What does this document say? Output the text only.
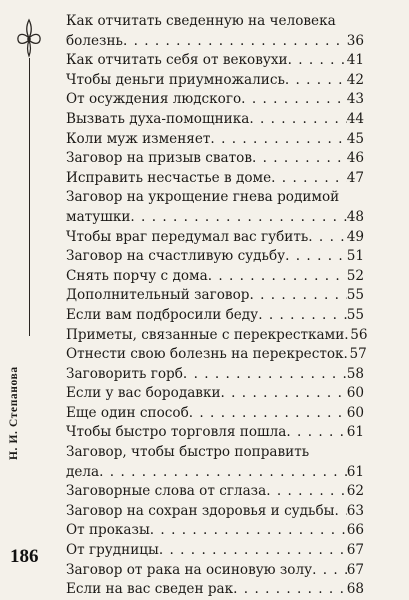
Н. И. Степанова
186
Как отчитать сведенную на человека
болезнь . . .	36
Как отчитать себя от вековухи . . .	41
Чтобы деньги приумножались . . .	42
От осуждения людского . . .	43
Вызвать духа-помощника . . .	44
Коли муж изменяет . . .	45
Заговор на призыв сватов . . .	46
Исправить несчастье в доме . . .	47
Заговор на укрощение гнева родимой
матушки . . .	48
Чтобы враг передумал вас губить . . .	49
Заговор на счастливую судьбу . . .	51
Снять порчу с дома . . .	52
Дополнительный заговор . . .	55
Если вам подбросили беду . . .	55
Приметы, связанные с перекрестками . . . 56
Отнести свою болезнь на перекресток . . . 57
Заговорить горб . . .	58
Если у вас бородавки . . .	60
Еще один способ . . .	60
Чтобы быстро торговля пошла . . .	61
Заговор, чтобы быстро поправить
дела . . .	61
Заговорные слова от сглаза . . .	62
Заговор на сохран здоровья и судьбы . . . 63
От проказы . . .	66
От грудницы . . .	67
Заговор от рака на осиновую золу . . .	67
Если на вас сведен рак . . .	68
